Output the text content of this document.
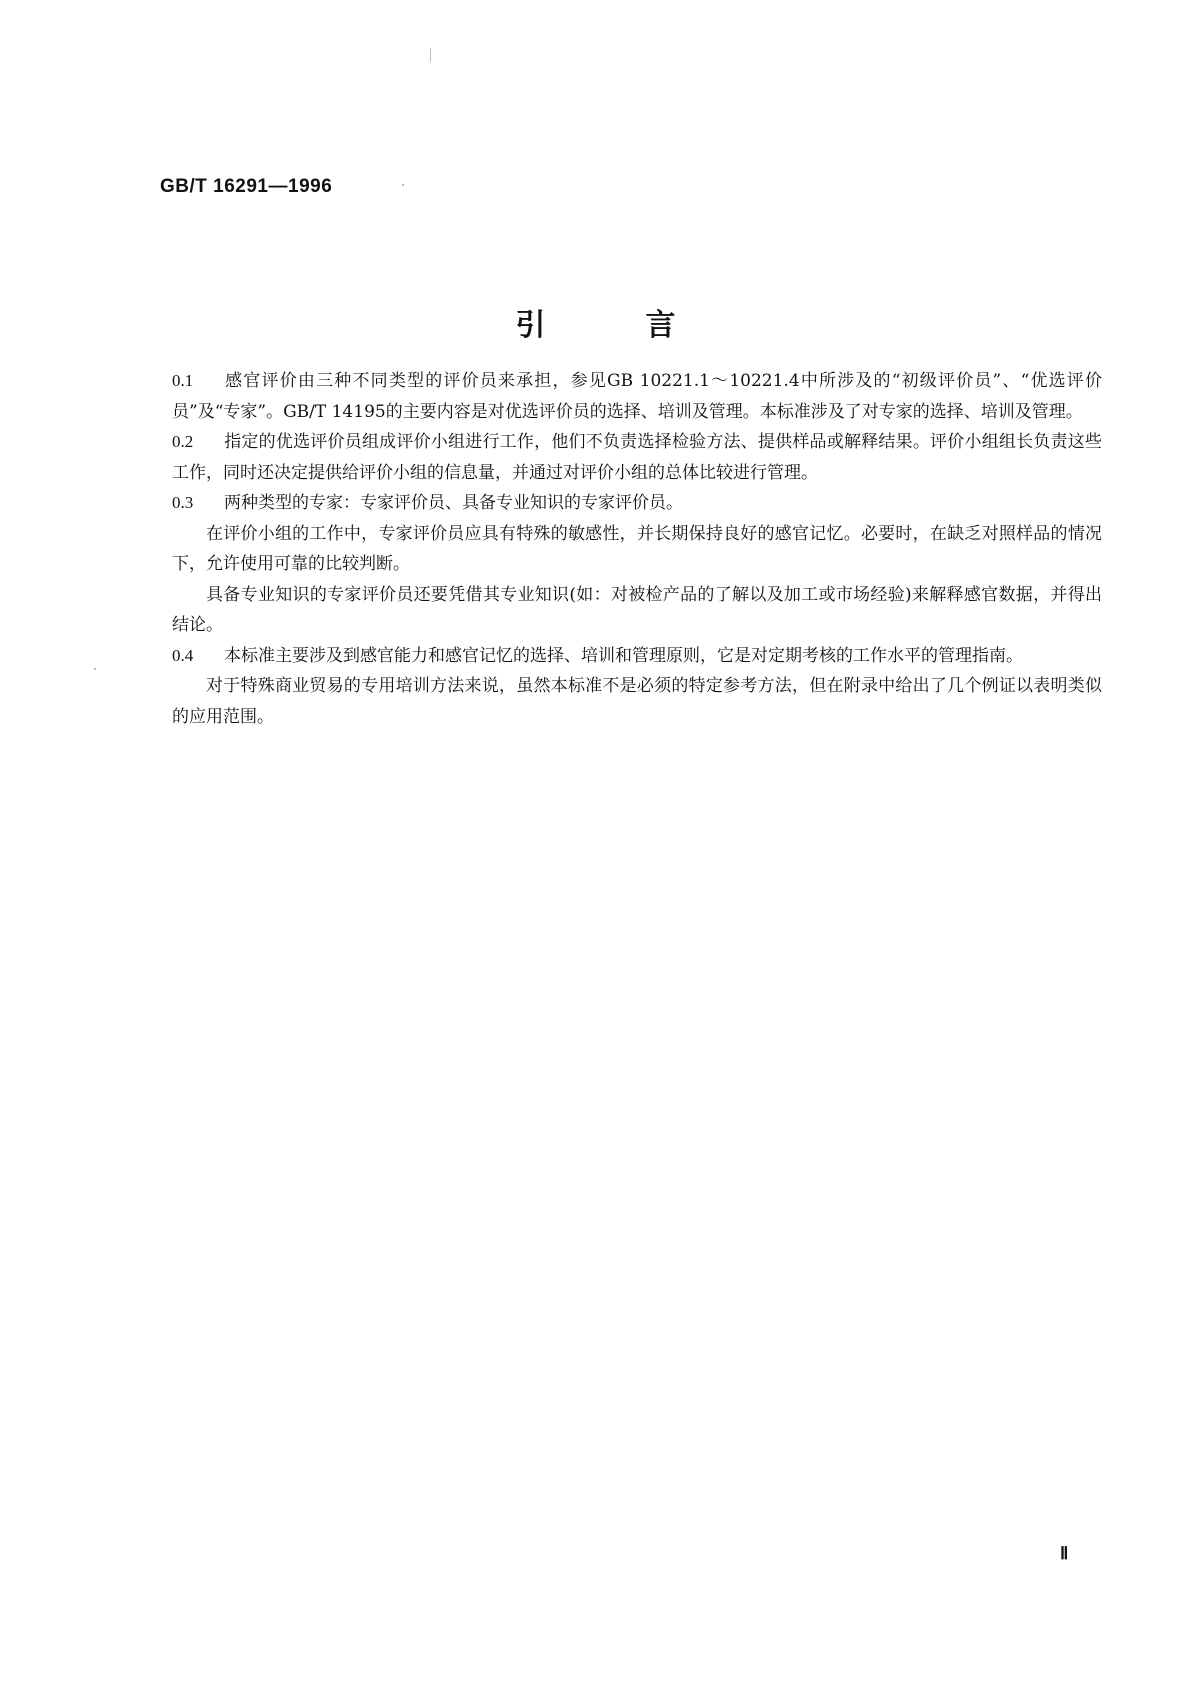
GB/T 16291—1996
引言

0.1 感官评价由三种不同类型的评价员来承担，参见GB 10221.1～10221.4中所涉及的“初级评价员”、“优选评价员”及“专家”。GB/T 14195的主要内容是对优选评价员的选择、培训及管理。本标准涉及了对专家的选择、培训及管理。

0.2 指定的优选评价员组成评价小组进行工作，他们不负责选择检验方法、提供样品或解释结果。评价小组组长负责这些工作，同时还决定提供给评价小组的信息量，并通过对评价小组的总体比较进行管理。

0.3 两种类型的专家：专家评价员、具备专业知识的专家评价员。

在评价小组的工作中，专家评价员应具有特殊的敏感性，并长期保持良好的感官记忆。必要时，在缺乏对照样品的情况下，允许使用可靠的比较判断。

具备专业知识的专家评价员还要凭借其专业知识(如：对被检产品的了解以及加工或市场经验)来解释感官数据，并得出结论。

0.4 本标准主要涉及到感官能力和感官记忆的选择、培训和管理原则，它是对定期考核的工作水平的管理指南。

对于特殊商业贸易的专用培训方法来说，虽然本标准不是必须的特定参考方法，但在附录中给出了几个例证以表明类似的应用范围。

Ⅱ
